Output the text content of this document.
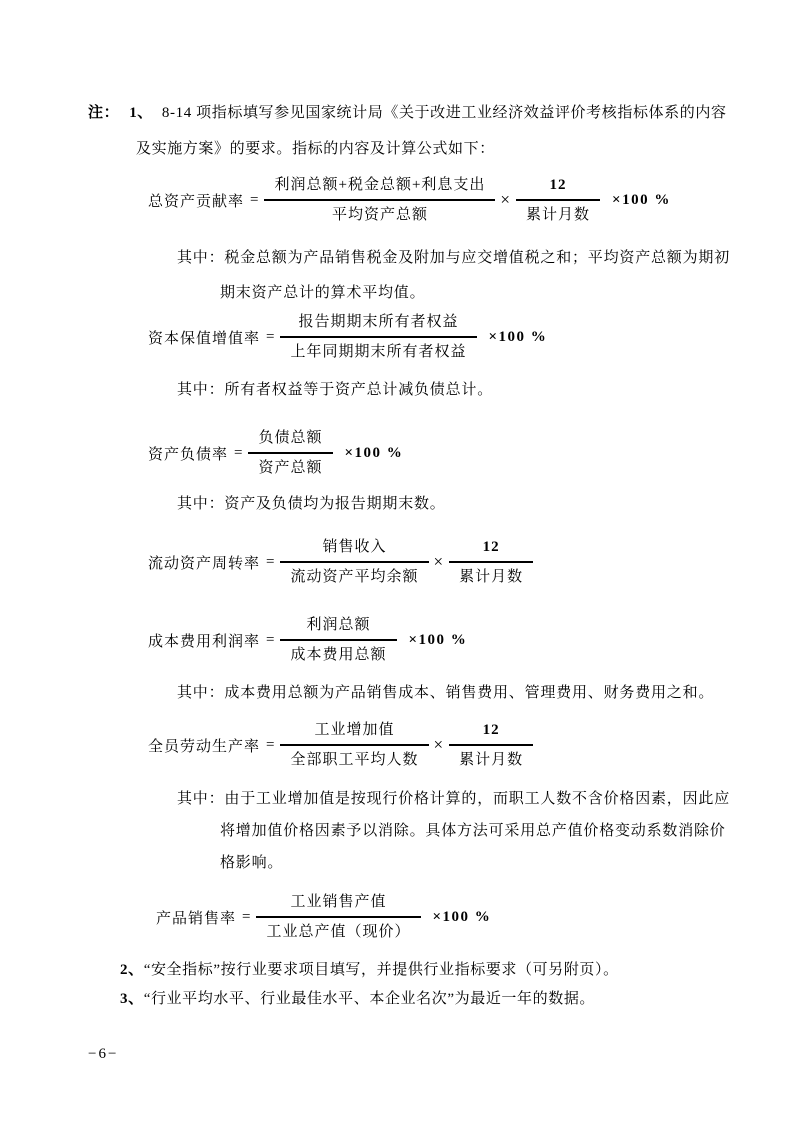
注： 1、 8-14 项指标填写参见国家统计局《关于改进工业经济效益评价考核指标体系的内容
及实施方案》的要求。指标的内容及计算公式如下：
总资产贡献率 = $\frac{\text{利润总额+税金总额+利息支出}}{\text{平均资产总额}} \times \frac{12}{\text{累计月数}} \times 100$ %
其中：税金总额为产品销售税金及附加与应交增值税之和；平均资产总额为期初
期末资产总计的算术平均值。
资本保值增值率 = $\frac{\text{报告期期末所有者权益}}{\text{上年同期期末所有者权益}} \times 100$ %
其中：所有者权益等于资产总计减负债总计。
资产负债率 = $\frac{\text{负债总额}}{\text{资产总额}} \times 100$ %
其中：资产及负债均为报告期期末数。
流动资产周转率 = $\frac{\text{销售收入}}{\text{流动资产平均余额}} \times \frac{12}{\text{累计月数}}$
成本费用利润率 = $\frac{\text{利润总额}}{\text{成本费用总额}} \times 100$ %
其中：成本费用总额为产品销售成本、销售费用、管理费用、财务费用之和。
全员劳动生产率 = $\frac{\text{工业增加值}}{\text{全部职工平均人数}} \times \frac{12}{\text{累计月数}}$
其中：由于工业增加值是按现行价格计算的，而职工人数不含价格因素，因此应
将增加值价格因素予以消除。具体方法可采用总产值价格变动系数消除价
格影响。
产品销售率 = $\frac{\text{工业销售产值}}{\text{工业总产值（现价）}} \times 100$ %
2、“安全指标”按行业要求项目填写，并提供行业指标要求（可另附页）。
3、“行业平均水平、行业最佳水平、本企业名次”为最近一年的数据。
−6−
